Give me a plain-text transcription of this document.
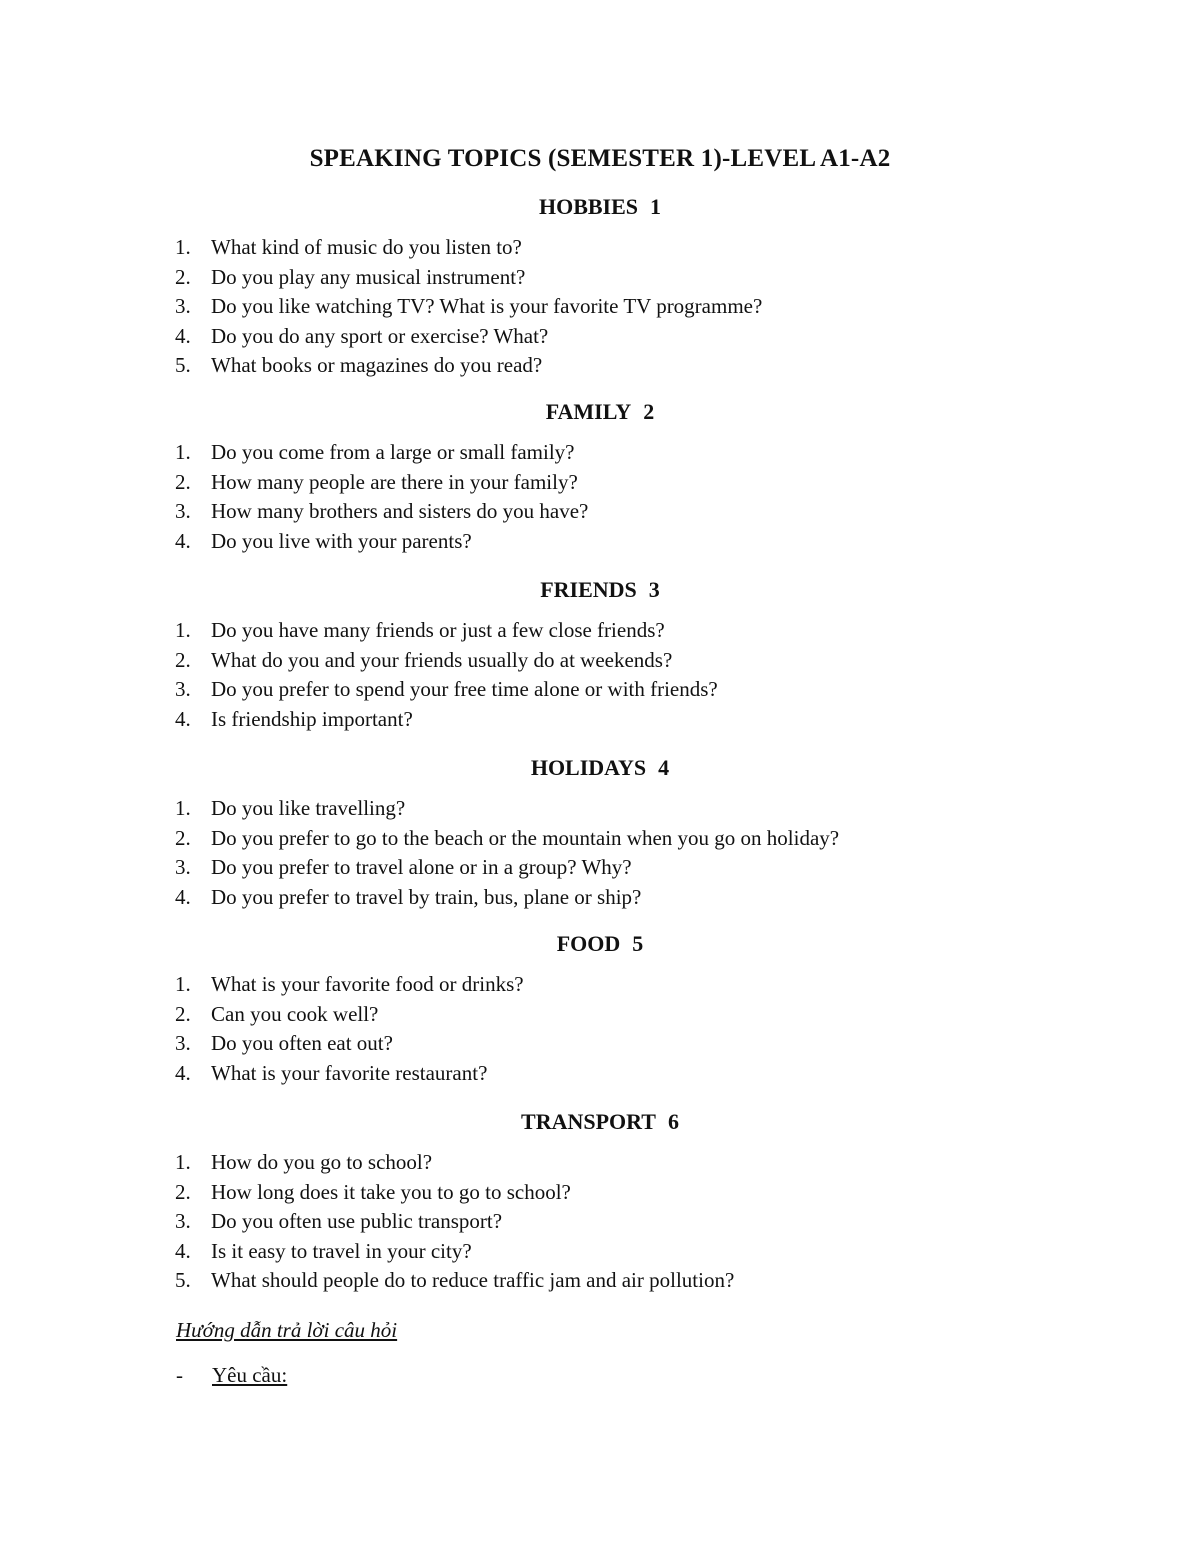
SPEAKING TOPICS (SEMESTER 1)-LEVEL A1-A2
HOBBIES 1
1. What kind of music do you listen to?
2. Do you play any musical instrument?
3. Do you like watching TV? What is your favorite TV programme?
4. Do you do any sport or exercise? What?
5. What books or magazines do you read?
FAMILY 2
1. Do you come from a large or small family?
2. How many people are there in your family?
3. How many brothers and sisters do you have?
4. Do you live with your parents?
FRIENDS 3
1. Do you have many friends or just a few close friends?
2. What do you and your friends usually do at weekends?
3. Do you prefer to spend your free time alone or with friends?
4. Is friendship important?
HOLIDAYS 4
1. Do you like travelling?
2. Do you prefer to go to the beach or the mountain when you go on holiday?
3. Do you prefer to travel alone or in a group? Why?
4. Do you prefer to travel by train, bus, plane or ship?
FOOD 5
1. What is your favorite food or drinks?
2. Can you cook well?
3. Do you often eat out?
4. What is your favorite restaurant?
TRANSPORT 6
1. How do you go to school?
2. How long does it take you to go to school?
3. Do you often use public transport?
4. Is it easy to travel in your city?
5. What should people do to reduce traffic jam and air pollution?
Hướng dẫn trả lời câu hỏi
- Yêu cầu:
